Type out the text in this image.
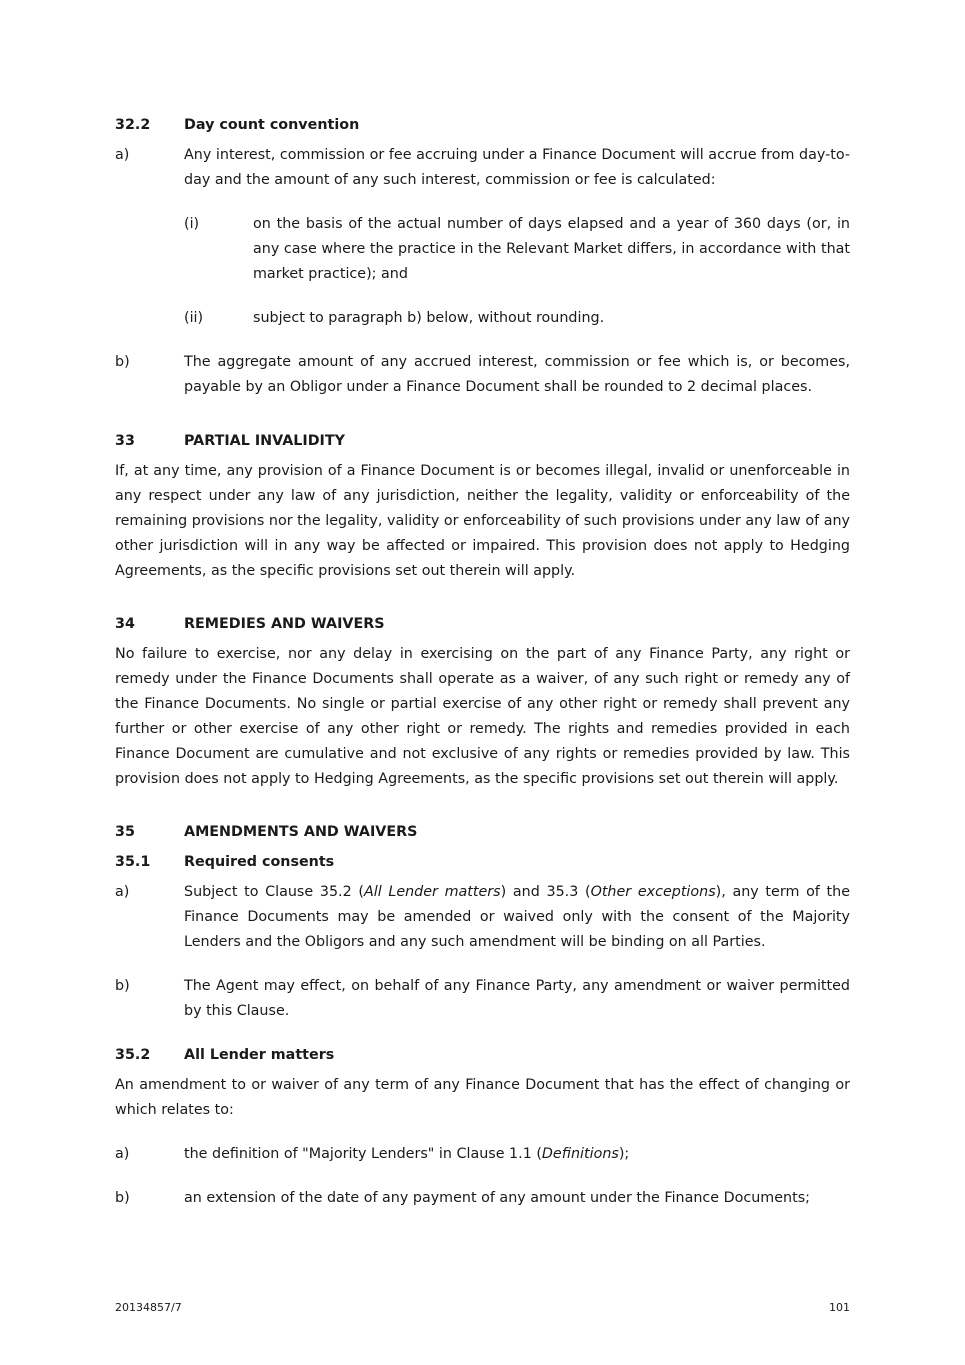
32.2 Day count convention
a)	Any interest, commission or fee accruing under a Finance Document will accrue from day-to-day and the amount of any such interest, commission or fee is calculated:
(i)	on the basis of the actual number of days elapsed and a year of 360 days (or, in any case where the practice in the Relevant Market differs, in accordance with that market practice); and
(ii)	subject to paragraph b) below, without rounding.
b)	The aggregate amount of any accrued interest, commission or fee which is, or becomes, payable by an Obligor under a Finance Document shall be rounded to 2 decimal places.
33	PARTIAL INVALIDITY
If, at any time, any provision of a Finance Document is or becomes illegal, invalid or unenforceable in any respect under any law of any jurisdiction, neither the legality, validity or enforceability of the remaining provisions nor the legality, validity or enforceability of such provisions under any law of any other jurisdiction will in any way be affected or impaired. This provision does not apply to Hedging Agreements, as the specific provisions set out therein will apply.
34	REMEDIES AND WAIVERS
No failure to exercise, nor any delay in exercising on the part of any Finance Party, any right or remedy under the Finance Documents shall operate as a waiver, of any such right or remedy any of the Finance Documents. No single or partial exercise of any other right or remedy shall prevent any further or other exercise of any other right or remedy. The rights and remedies provided in each Finance Document are cumulative and not exclusive of any rights or remedies provided by law. This provision does not apply to Hedging Agreements, as the specific provisions set out therein will apply.
35	AMENDMENTS AND WAIVERS
35.1 Required consents
a)	Subject to Clause 35.2 (All Lender matters) and 35.3 (Other exceptions), any term of the Finance Documents may be amended or waived only with the consent of the Majority Lenders and the Obligors and any such amendment will be binding on all Parties.
b)	The Agent may effect, on behalf of any Finance Party, any amendment or waiver permitted by this Clause.
35.2 All Lender matters
An amendment to or waiver of any term of any Finance Document that has the effect of changing or which relates to:
a)	the definition of "Majority Lenders" in Clause 1.1 (Definitions);
b)	an extension of the date of any payment of any amount under the Finance Documents;
20134857/7	101
